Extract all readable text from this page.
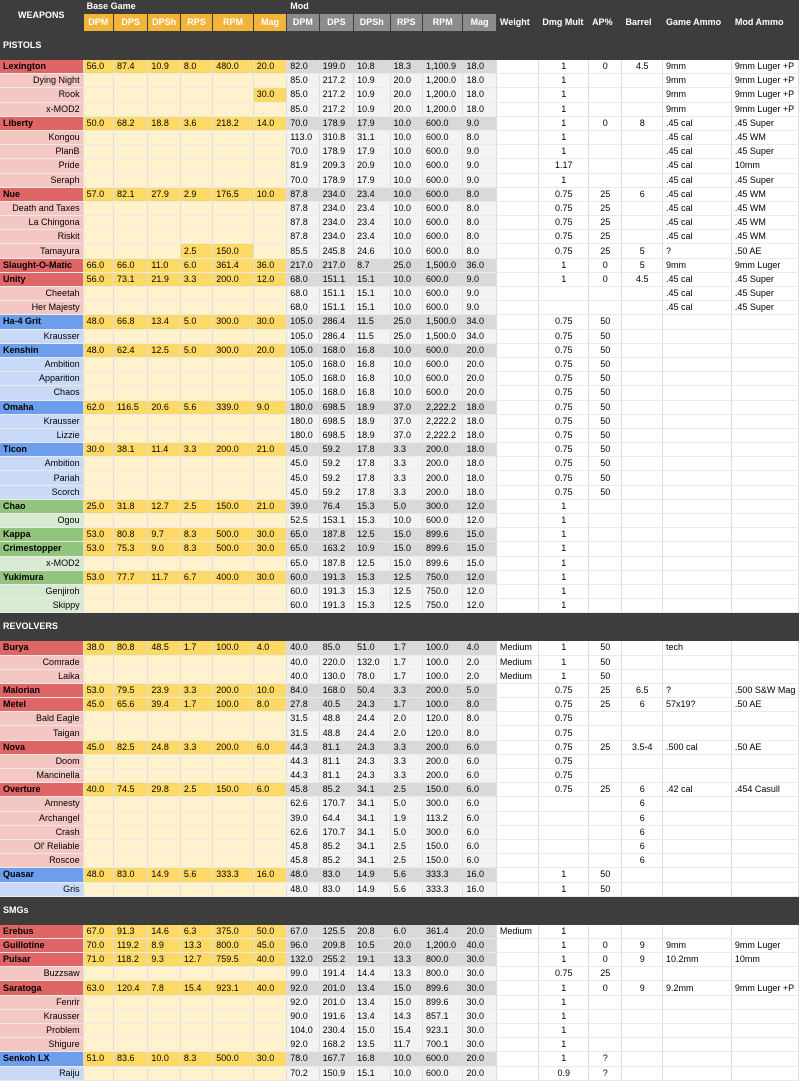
WEAPONS	Base Game						Mod											
	DPM	DPS	DPSh	RPS	RPM	Mag	DPM	DPS	DPSh	RPS	RPM	Mag	Weight	Dmg Mult	AP%	Barrel	Game Ammo	Mod Ammo
PISTOLS																		
Lexington	56.0	87.4	10.9	8.0	480.0	20.0	82.0	199.0	10.8	18.3	1,100.9	18.0		1	0	4.5	9mm	9mm Luger +P
Dying Night							85.0	217.2	10.9	20.0	1,200.0	18.0		1			9mm	9mm Luger +P
Rook						30.0	85.0	217.2	10.9	20.0	1,200.0	18.0		1			9mm	9mm Luger +P
x-MOD2							85.0	217.2	10.9	20.0	1,200.0	18.0		1			9mm	9mm Luger +P
Liberty	50.0	68.2	18.8	3.6	218.2	14.0	70.0	178.9	17.9	10.0	600.0	9.0		1	0	8	.45 cal	.45 Super
Kongou							113.0	310.8	31.1	10.0	600.0	8.0		1			.45 cal	.45 WM
PlanB							70.0	178.9	17.9	10.0	600.0	9.0		1			.45 cal	.45 Super
Pride							81.9	209.3	20.9	10.0	600.0	9.0		1.17			.45 cal	10mm
Seraph							70.0	178.9	17.9	10.0	600.0	9.0		1			.45 cal	.45 Super
Nue	57.0	82.1	27.9	2.9	176.5	10.0	87.8	234.0	23.4	10.0	600.0	8.0		0.75	25	6	.45 cal	.45 WM
Death and Taxes							87.8	234.0	23.4	10.0	600.0	8.0		0.75	25		.45 cal	.45 WM
La Chingona							87.8	234.0	23.4	10.0	600.0	8.0		0.75	25		.45 cal	.45 WM
Riskit							87.8	234.0	23.4	10.0	600.0	8.0		0.75	25		.45 cal	.45 WM
Tamayura				2.5	150.0		85.5	245.8	24.6	10.0	600.0	8.0		0.75	25	5	?	.50 AE
Slaught-O-Matic	66.0	66.0	11.0	6.0	361.4	36.0	217.0	217.0	8.7	25.0	1,500.0	36.0		1	0	5	9mm	9mm Luger
Unity	56.0	73.1	21.9	3.3	200.0	12.0	68.0	151.1	15.1	10.0	600.0	9.0		1	0	4.5	.45 cal	.45 Super
Cheetah							68.0	151.1	15.1	10.0	600.0	9.0					.45 cal	.45 Super
Her Majesty							68.0	151.1	15.1	10.0	600.0	9.0					.45 cal	.45 Super
Ha-4 Grit	48.0	66.8	13.4	5.0	300.0	30.0	105.0	286.4	11.5	25.0	1,500.0	34.0		0.75	50			
Krausser							105.0	286.4	11.5	25.0	1,500.0	34.0		0.75	50			
Kenshin	48.0	62.4	12.5	5.0	300.0	20.0	105.0	168.0	16.8	10.0	600.0	20.0		0.75	50			
Ambition							105.0	168.0	16.8	10.0	600.0	20.0		0.75	50			
Apparition							105.0	168.0	16.8	10.0	600.0	20.0		0.75	50			
Chaos							105.0	168.0	16.8	10.0	600.0	20.0		0.75	50			
Omaha	62.0	116.5	20.6	5.6	339.0	9.0	180.0	698.5	18.9	37.0	2,222.2	18.0		0.75	50			
Krausser							180.0	698.5	18.9	37.0	2,222.2	18.0		0.75	50			
Lizzie							180.0	698.5	18.9	37.0	2,222.2	18.0		0.75	50			
Ticon	30.0	38.1	11.4	3.3	200.0	21.0	45.0	59.2	17.8	3.3	200.0	18.0		0.75	50			
Ambition							45.0	59.2	17.8	3.3	200.0	18.0		0.75	50			
Pariah							45.0	59.2	17.8	3.3	200.0	18.0		0.75	50			
Scorch							45.0	59.2	17.8	3.3	200.0	18.0		0.75	50			
Chao	25.0	31.8	12.7	2.5	150.0	21.0	39.0	76.4	15.3	5.0	300.0	12.0		1				
Ogou							52.5	153.1	15.3	10.0	600.0	12.0		1				
Kappa	53.0	80.8	9.7	8.3	500.0	30.0	65.0	187.8	12.5	15.0	899.6	15.0		1				
Crimestopper	53.0	75.3	9.0	8.3	500.0	30.0	65.0	163.2	10.9	15.0	899.6	15.0		1				
x-MOD2							65.0	187.8	12.5	15.0	899.6	15.0		1				
Yukimura	53.0	77.7	11.7	6.7	400.0	30.0	60.0	191.3	15.3	12.5	750.0	12.0		1				
Genjiroh							60.0	191.3	15.3	12.5	750.0	12.0		1				
Skippy							60.0	191.3	15.3	12.5	750.0	12.0		1				
REVOLVERS																		
Burya	38.0	80.8	48.5	1.7	100.0	4.0	40.0	85.0	51.0	1.7	100.0	4.0	Medium	1	50		tech	
Comrade							40.0	220.0	132.0	1.7	100.0	2.0	Medium	1	50			
Laika							40.0	130.0	78.0	1.7	100.0	2.0	Medium	1	50			
Malorian	53.0	79.5	23.9	3.3	200.0	10.0	84.0	168.0	50.4	3.3	200.0	5.0		0.75	25	6.5	?	.500 S&W Mag
Metel	45.0	65.6	39.4	1.7	100.0	8.0	27.8	40.5	24.3	1.7	100.0	8.0		0.75	25	6	57x19?	.50 AE
Bald Eagle							31.5	48.8	24.4	2.0	120.0	8.0		0.75				
Taigan							31.5	48.8	24.4	2.0	120.0	8.0		0.75				
Nova	45.0	82.5	24.8	3.3	200.0	6.0	44.3	81.1	24.3	3.3	200.0	6.0		0.75	25	3.5-4	.500 cal	.50 AE
Doom							44.3	81.1	24.3	3.3	200.0	6.0		0.75				
Mancinella							44.3	81.1	24.3	3.3	200.0	6.0		0.75				
Overture	40.0	74.5	29.8	2.5	150.0	6.0	45.8	85.2	34.1	2.5	150.0	6.0		0.75	25	6	.42 cal	.454 Casull
Amnesty							62.6	170.7	34.1	5.0	300.0	6.0				6		
Archangel							39.0	64.4	34.1	1.9	113.2	6.0				6		
Crash							62.6	170.7	34.1	5.0	300.0	6.0				6		
Ol' Reliable							45.8	85.2	34.1	2.5	150.0	6.0				6		
Roscoe							45.8	85.2	34.1	2.5	150.0	6.0				6		
Quasar	48.0	83.0	14.9	5.6	333.3	16.0	48.0	83.0	14.9	5.6	333.3	16.0		1	50			
Gris							48.0	83.0	14.9	5.6	333.3	16.0		1	50			
SMGs																		
Erebus	67.0	91.3	14.6	6.3	375.0	50.0	67.0	125.5	20.8	6.0	361.4	20.0	Medium	1				
Guillotine	70.0	119.2	8.9	13.3	800.0	45.0	96.0	209.8	10.5	20.0	1,200.0	40.0		1	0	9	9mm	9mm Luger
Pulsar	71.0	118.2	9.3	12.7	759.5	40.0	132.0	255.2	19.1	13.3	800.0	30.0		1	0	9	10.2mm	10mm
Buzzsaw							99.0	191.4	14.4	13.3	800.0	30.0		0.75	25			
Saratoga	63.0	120.4	7.8	15.4	923.1	40.0	92.0	201.0	13.4	15.0	899.6	30.0		1	0	9	9.2mm	9mm Luger +P
Fenrir							92.0	201.0	13.4	15.0	899.6	30.0		1				
Krausser							90.0	191.6	13.4	14.3	857.1	30.0		1				
Problem							104.0	230.4	15.0	15.4	923.1	30.0		1				
Shigure							92.0	168.2	13.5	11.7	700.1	30.0		1				
Senkoh LX	51.0	83.6	10.0	8.3	500.0	30.0	78.0	167.7	16.8	10.0	600.0	20.0		1	?			
Raiju							70.2	150.9	15.1	10.0	600.0	20.0		0.9	?			
